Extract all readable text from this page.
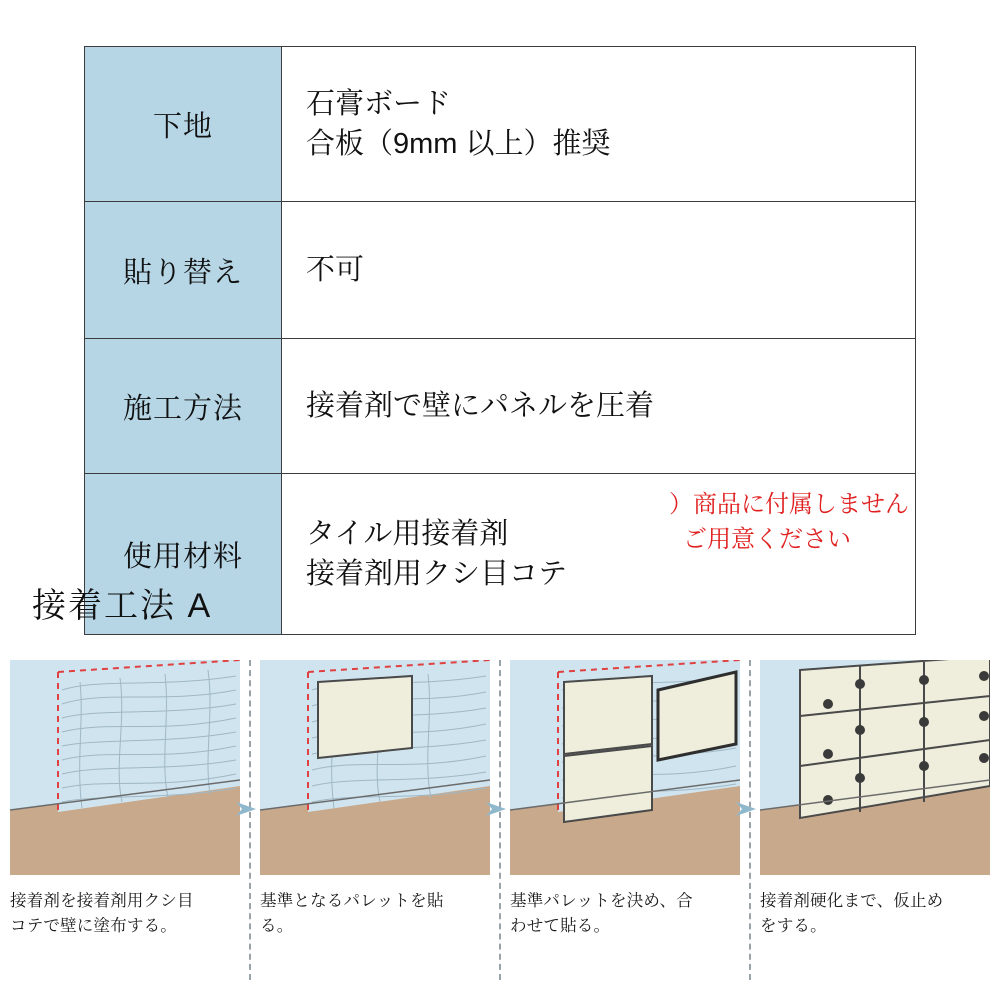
下地	石膏ボード
合板（9mm 以上）推奨

貼り替え	不可

施工方法	接着剤で壁にパネルを圧着

使用材料	タイル用接着剤
接着剤用クシ目コテ
）商品に付属しません
ご用意ください
接着工法 A
接着剤を接着剤用クシ目
コテで壁に塗布する。
基準となるパレットを貼
る。
基準パレットを決め、合
わせて貼る。
接着剤硬化まで、仮止め
をする。
